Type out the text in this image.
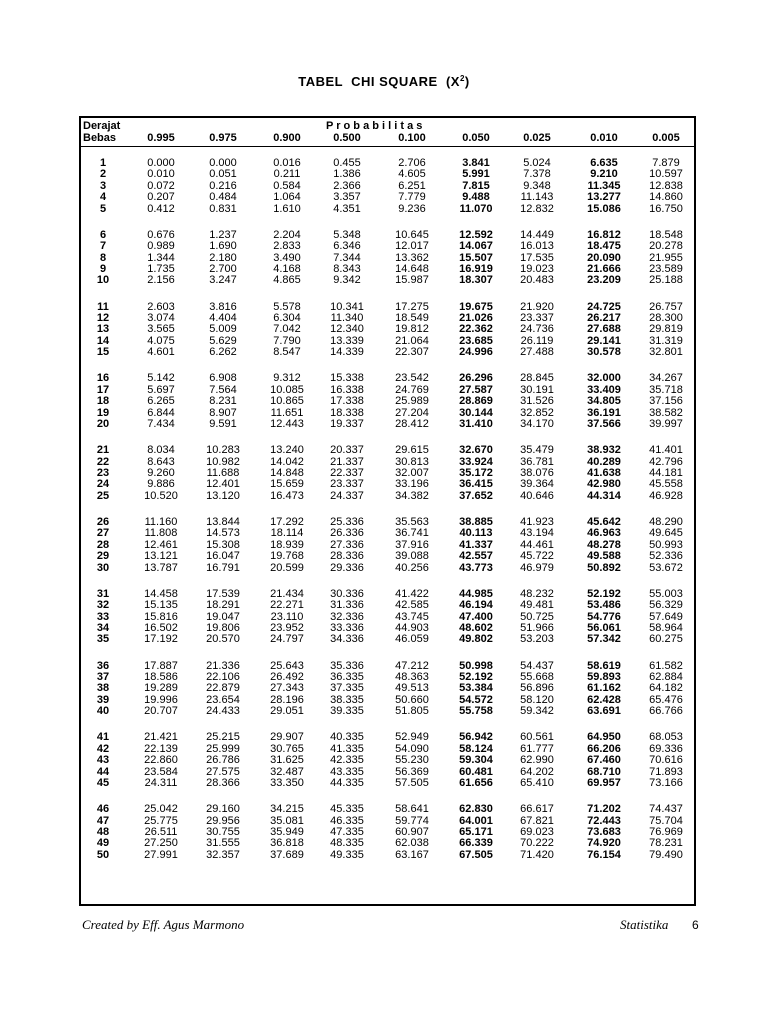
TABEL  CHI SQUARE  $(X^2)$
Derajat
Bebas
P r o b a b i l i t a s
0.995	0.975	0.900	0.500	0.100	0.050	0.025	0.010	0.005
1	0.000	0.000	0.016	0.455	2.706	3.841	5.024	6.635	7.879
2	0.010	0.051	0.211	1.386	4.605	5.991	7.378	9.210	10.597
3	0.072	0.216	0.584	2.366	6.251	7.815	9.348	11.345	12.838
4	0.207	0.484	1.064	3.357	7.779	9.488	11.143	13.277	14.860
5	0.412	0.831	1.610	4.351	9.236	11.070	12.832	15.086	16.750
6	0.676	1.237	2.204	5.348	10.645	12.592 14.449	16.812	18.548
7	0.989	1.690	2.833	6.346	12.017	14.067 16.013	18.475	20.278
8	1.344	2.180	3.490	7.344	13.362	15.507 17.535	20.090	21.955
9	1.735	2.700	4.168	8.343	14.648	16.919 19.023	21.666	23.589
10	2.156	3.247	4.865	9.342	15.987	18.307 20.483	23.209	25.188
11	2.603	3.816	5.578	10.341	17.275	19.675 21.920	24.725	26.757
12	3.074	4.404	6.304	11.340	18.549	21.026 23.337	26.217	28.300
13	3.565	5.009	7.042	12.340	19.812	22.362 24.736	27.688	29.819
14	4.075	5.629	7.790	13.339	21.064	23.685	26.119	29.141	31.319
15	4.601	6.262	8.547	14.339	22.307	24.996 27.488	30.578	32.801
16	5.142	6.908	9.312	15.338	23.542	26.296 28.845	32.000	34.267
17	5.697	7.564	10.085 16.338	24.769	27.587 30.191	33.409	35.718
18	6.265	8.231	10.865 17.338	25.989	28.869 31.526	34.805	37.156
19	6.844	8.907	11.651 18.338	27.204	30.144 32.852	36.191	38.582
20	7.434	9.591	12.443 19.337	28.412	31.410 34.170	37.566	39.997
21	8.034	10.283	13.240 20.337	29.615	32.670 35.479	38.932	41.401
22	8.643	10.982	14.042 21.337	30.813	33.924 36.781	40.289	42.796
23	9.260	11.688	14.848 22.337	32.007	35.172 38.076	41.638	44.181
24	9.886	12.401	15.659 23.337	33.196	36.415 39.364	42.980	45.558
25	10.520	13.120	16.473 24.337	34.382	37.652 40.646	44.314	46.928
26	11.160	13.844	17.292 25.336	35.563	38.885 41.923	45.642	48.290
27	11.808	14.573	18.114 26.336	36.741	40.113	43.194	46.963	49.645
28	12.461	15.308	18.939 27.336	37.916	41.337 44.461	48.278	50.993
29	13.121	16.047	19.768 28.336	39.088	42.557 45.722	49.588	52.336
30	13.787	16.791	20.599 29.336	40.256	43.773 46.979	50.892	53.672
31	14.458	17.539	21.434 30.336	41.422	44.985 48.232	52.192	55.003
32	15.135	18.291	22.271 31.336	42.585	46.194 49.481	53.486	56.329
33	15.816	19.047	23.110 32.336	43.745	47.400 50.725	54.776	57.649
34	16.502	19.806	23.952 33.336	44.903	48.602 51.966	56.061	58.964
35	17.192	20.570	24.797 34.336	46.059	49.802 53.203	57.342	60.275
36	17.887	21.336	25.643 35.336	47.212	50.998 54.437	58.619	61.582
37	18.586	22.106	26.492 36.335	48.363	52.192 55.668	59.893	62.884
38	19.289	22.879	27.343 37.335	49.513	53.384 56.896	61.162	64.182
39	19.996	23.654	28.196 38.335	50.660	54.572 58.120	62.428	65.476
40	20.707	24.433	29.051 39.335	51.805	55.758 59.342	63.691	66.766
41	21.421	25.215	29.907 40.335	52.949	56.942 60.561	64.950	68.053
42	22.139	25.999	30.765 41.335	54.090	58.124 61.777	66.206	69.336
43	22.860	26.786	31.625 42.335	55.230	59.304 62.990	67.460	70.616
44	23.584	27.575	32.487 43.335	56.369	60.481 64.202	68.710	71.893
45	24.311	28.366	33.350 44.335	57.505	61.656 65.410	69.957	73.166
46	25.042	29.160	34.215 45.335	58.641	62.830 66.617	71.202	74.437
47	25.775	29.956	35.081 46.335	59.774	64.001 67.821	72.443	75.704
48	26.511	30.755	35.949 47.335	60.907	65.171 69.023	73.683	76.969
49	27.250	31.555	36.818 48.335	62.038	66.339 70.222	74.920	78.231
50	27.991	32.357	37.689 49.335	63.167	67.505 71.420	76.154	79.490
Created by Eff. Agus Marmono	Statistika 6
